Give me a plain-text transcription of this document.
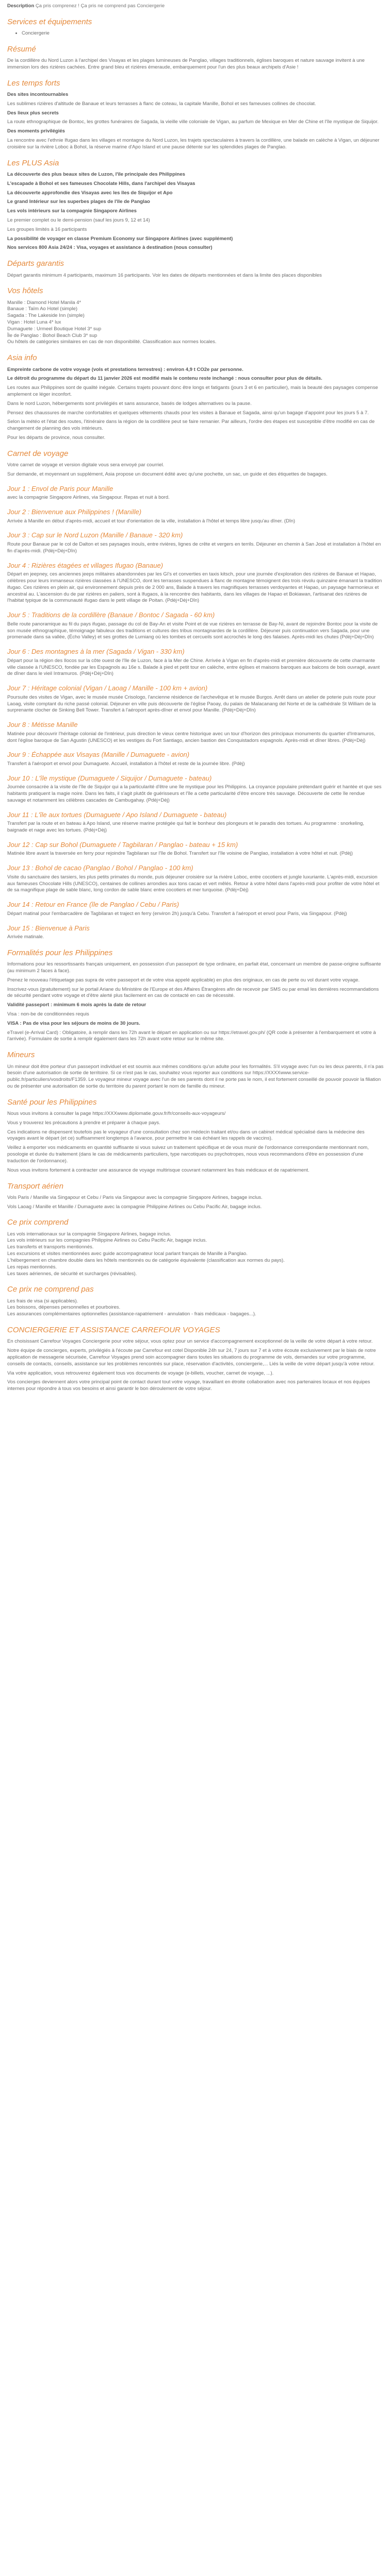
Description Ça pris comprenez ! Ça pris ne comprend pas Conciergerie
Services et équipements
• Conciergerie
Résumé

De la cordillère du Nord Luzon à l'archipel des Visayas et les plages lumineuses de Panglao, villages traditionnels, églises baroques et nature sauvage invitent à une immersion lors des rizières cachées. Entre grand bleu et rizières émeraude, embarquement pour l'un des plus beaux archipels d'Asie !

Les temps forts

Des sites incontournables

Les sublimes rizières d'altitude de Banaue et leurs terrasses à flanc de coteau, la capitale Manille, Bohol et ses fameuses collines de chocolat.

Des lieux plus secrets

La route ethnographique de Bontoc, les grottes funéraires de Sagada, la vieille ville coloniale de Vigan, au parfum de Mexique en Mer de Chine et l'île mystique de Siquijor.

Des moments privilégiés

La rencontre avec l'ethnie Ifugao dans les villages et montagne du Nord Luzon, les trajets spectaculaires à travers la cordillère, une balade en calèche à Vigan, un déjeuner croisière sur la rivière Loboc à Bohol, la réserve marine d'Apo Island et une pause détente sur les splendides plages de Panglao.

Les PLUS Asia

La découverte des plus beaux sites de Luzon, l'île principale des Philippines

L'escapade à Bohol et ses fameuses Chocolate Hills, dans l'archipel des Visayas

La découverte approfondie des Visayas avec les îles de Siquijor et Apo

Le grand Intérieur sur les superbes plages de l'île de Panglao

Les vols intérieurs sur la compagnie Singapore Airlines

Le premier complet ou le demi-pension (sauf les jours 9, 12 et 14)

Les groupes limités à 16 participants

La possibilité de voyager en classe Premium Economy sur Singapore Airlines (avec supplément)

Nos services 800 Asia 24/24 : Visa, voyages et assistance à destination (nous consulter)

Départs garantis

Départ garantis minimum 4 participants, maximum 16 participants. Voir les dates de départs mentionnées et dans la limite des places disponibles

Vos hôtels

Manille : Diamond Hotel Manila 4*

Banaue : Taïm Ao Hotel (simple)

Sagada : The Lakeside Inn (simple)

Vigan : Hotel Luna 4* lux

Dumaguete : Urmeel Boutique Hotel 3* sup

Île de Panglao : Bohol Beach Club 3* sup

Ou hôtels de catégories similaires en cas de non disponibilité. Classification aux normes locales.

Asia info

Empreinte carbone de votre voyage (vols et prestations terrestres) : environ 4,9 t CO2e par personne.

Le détroit du programme du départ du 11 janvier 2026 est modifié mais le contenu reste inchangé : nous consulter pour plus de détails.

Les routes aux Philippines sont de qualité inégale. Certains trajets pouvant donc être longs et fatigants (jours 3 et 6 en particulier), mais la beauté des paysages compense amplement ce léger inconfort.

Dans le nord Luzon, hébergements sont privilégiés et sans assurance, basés de lodges alternatives ou la pause.

Pensez des chaussures de marche confortables et quelques vêtements chauds pour les visites à Banaue et Sagada, ainsi qu'un bagage d'appoint pour les jours 5 à 7.

Selon la météo et l'état des routes, l'itinéraire dans la région de la cordillère peut se faire remanier. Par ailleurs, l'ordre des étapes est susceptible d'être modifié en cas de changement de planning des vols intérieurs.

Pour les départs de province, nous consulter.

Carnet de voyage

Votre carnet de voyage et version digitale vous sera envoyé par courriel.

Sur demande, et moyennant un supplément, Asia propose un document édité avec qu'une pochette, un sac, un guide et des étiquettes de bagages.

Jour 1 : Envol de Paris pour Manille

avec la compagnie Singapore Airlines, via Singapour. Repas et nuit à bord.

Jour 2 : Bienvenue aux Philippines ! (Manille)

Arrivée à Manille en début d'après-midi, accueil et tour d'orientation de la ville, installation à l'hôtel et temps libre jusqu'au dîner. (Dîn)

Jour 3 : Cap sur le Nord Luzon (Manille / Banaue - 320 km)

Route pour Banaue par le col de Dalton et ses paysages inouïs, entre rivières, lignes de crête et vergers en terrils. Déjeuner en chemin à San José et installation à l'hôtel en fin d'après-midi. (Pdèj+Dèj+Dîn)

Jour 4 : Rizières étagées et villages Ifugao (Banaue)

Départ en jeepney, ces anciennes jeeps militaires abandonnées par les GI's et converties en taxis kitsch, pour une journée d'exploration des rizières de Banaue et Hapao, célèbres pour leurs inmanseux rizières classées à l'UNESCO, dont les terrasses suspendues à flanc de montagne témoignent des trois révolu quinzaine émanant la tradition ifugao. Ces rizières en plein air, qui environnement depuis près de 2 000 ans, Balade à travers les magnifiques terrasses verdoyantes et Hapao, un paysage harmonieux et ancestral au. L'ascension du de par rizières en paliers, sont à Ifugaos, à la rencontre des habitants, dans les villages de Hapao et Bokiawan, l'artisanat des rizières de l'habitat typique de la communauté ifugao dans le petit village de Poitan. (Pdèj+Dèj+Dîn)

Jour 5 : Traditions de la cordillère (Banaue / Bontoc / Sagada - 60 km)

Belle route panoramique au fil du pays ifugao, passage du col de Bay-An et visite Point et de vue rizières en terrasse de Bay-Ni, avant de rejoindre Bontoc pour la visite de son musée ethnographique, témoignage fabuleux des traditions et cultures des tribus montagnardes de la cordillère. Déjeuner puis continuation vers Sagada, pour une promenade dans sa vallée, (Écho Valley) et ses grottes de Lumiang où les tombes et cercueils sont accrochés le long des falaises. Après-midi les chutes (Pdèj+Dèj+Dîn)

Jour 6 : Des montagnes à la mer (Sagada / Vigan - 330 km)

Départ pour la région des Ilocos sur la côte ouest de l'île de Luzon, face à la Mer de Chine. Arrivée à Vigan en fin d'après-midi et première découverte de cette charmante ville classée à l'UNESCO, fondée par les Espagnols au 16e s. Balade à pied et petit tour en calèche, entre églises et maisons baroques aux balcons de bois ouvragé, avant de dîner dans le vieil Intramuros. (Pdèj+Dèj+Dîn)

Jour 7 : Héritage colonial (Vigan / Laoag / Manille - 100 km + avion)

Poursuite des visites de Vigan, avec le musée musée Crisologo, l'ancienne résidence de l'archevêque et le musée Burgos. Arrêt dans un atelier de poterie puis route pour Laoag, visite comptant du riche passé colonial. Déjeuner en ville puis découverte de l'église Paoay, du palais de Malacanang del Norte et de la cathédrale St William de la surprenante clocher de Sinking Bell Tower. Transfert à l'aéroport après-dîner et envol pour Manille. (Pdèj+Dèj+Dîn)

Jour 8 : Métisse Manille

Matinée pour découvrir l'héritage colonial de l'intérieur, puis direction le vieux centre historique avec un tour d'horizon des principaux monuments du quartier d'Intramuros, dont l'église baroque de San Agustin (UNESCO) et les vestiges du Fort Santiago, ancien bastion des Conquistadors espagnols. Après-midi et dîner libres. (Pdèj+Dèj)

Jour 9 : Échappée aux Visayas (Manille / Dumaguete - avion)

Transfert à l'aéroport et envol pour Dumaguete. Accueil, installation à l'hôtel et reste de la journée libre. (Pdèj)

Jour 10 : L'île mystique (Dumaguete / Siquijor / Dumaguete - bateau)

Journée consacrée à la visite de l'île de Siquijor qui a la particularité d'être une île mystique pour les Philippins. La croyance populaire prétendant guérir et hantée et que ses habitants pratiquent la magie noire. Dans les faits, il s'agit plutôt de guérisseurs et l'île a cette particularité d'être encore très sauvage. Découverte de cette île rendue sauvage et notamment les célèbres cascades de Cambugahay. (Pdèj+Dèj)

Jour 11 : L'île aux tortues (Dumaguete / Apo Island / Dumaguete - bateau)

Transfert par la route et en bateau à Apo Island, une réserve marine protégée qui fait le bonheur des plongeurs et le paradis des tortues. Au programme : snorkeling, baignade et nage avec les tortues. (Pdèj+Dèj)

Jour 12 : Cap sur Bohol (Dumaguete / Tagbilaran / Panglao - bateau + 15 km)

Matinée libre avant la traversée en ferry pour rejoindre Tagbilaran sur l'île de Bohol. Transfert sur l'île voisine de Panglao, installation à votre hôtel et nuit. (Pdèj)

Jour 13 : Bohol de cacao (Panglao / Bohol / Panglao - 100 km)

Visite du sanctuaire des tarsiers, les plus petits primates du monde, puis déjeuner croisière sur la rivière Loboc, entre cocotiers et jungle luxuriante. L'après-midi, excursion aux fameuses Chocolate Hills (UNESCO), centaines de collines arrondies aux tons cacao et vert mêlés. Retour à votre hôtel dans l'après-midi pour profiter de votre hôtel et de sa magnifique plage de sable blanc, long cordon de sable blanc entre cocotiers et mer turquoise. (Pdèj+Dèj)

Jour 14 : Retour en France (île de Panglao / Cebu / Paris)

Départ matinal pour l'embarcadère de Tagbilaran et traject en ferry (environ 2h) jusqu'à Cebu. Transfert à l'aéroport et envol pour Paris, via Singapour. (Pdèj)

Jour 15 : Bienvenue à Paris

Arrivée matinale.

Formalités pour les Philippines

Informations pour les ressortissants français uniquement, en possession d'un passeport de type ordinaire, en parfait état, concernant un membre de passe-origine suffisante (au minimum 2 faces à face).

Prenez le nouveau l'étiquetage pas supra de votre passeport et de votre visa appelé applicable) en plus des originaux, en cas de perte ou vol durant votre voyage.

Inscrivez-vous (gratuitement) sur le portail Ariane du Ministère de l'Europe et des Affaires Étrangères afin de recevoir par SMS ou par email les dernières recommandations de sécurité pendant votre voyage et d'être alerté plus facilement en cas de contacté en cas de nécessité.

Validité passeport : minimum 6 mois après la date de retour

Visa : non-be de conditionnées requis

VISA : Pas de visa pour les séjours de moins de 30 jours.

eTravel (e-Arrival Card) : Obligatoire, à remplir dans les 72h avant le départ en application ou sur https://etravel.gov.ph/ (QR code à présenter à l'embarquement et votre à l'arrivée). Formulaire de sortie à remplir également dans les 72h avant votre retour sur le même site.

Mineurs

Un mineur doit être porteur d'un passeport individuel et est soumis aux mêmes conditions qu'un adulte pour les formalités. S'il voyage avec l'un ou les deux parents, il n'a pas besoin d'une autorisation de sortie de territoire. Si ce n'est pas le cas, souhaitez vous reporter aux conditions sur https://XXXXwww.service-public.fr/particuliers/vosdroits/F1359. Le voyageur mineur voyage avec l'un de ses parents dont il ne porte pas le nom, il est fortement conseillé de pouvoir pouvoir la filiation ou de présenter une autorisation de sortie du territoire du parent portant le nom de famille du mineur.

Santé pour les Philippines

Nous vous invitons à consulter la page https://XXXwww.diplomatie.gouv.fr/fr/conseils-aux-voyageurs/

Vous y trouverez les précautions à prendre et préparer à chaque pays.

Ces indications ne dispensent toutefois pas le voyageur d'une consultation chez son médecin traitant et/ou dans un cabinet médical spécialisé dans la médecine des voyages avant le départ (et ce) suffisamment longtemps à l'avance, pour permettre le cas échéant les rappels de vaccins).

Veillez à emporter vos médicaments en quantité suffisante si vous suivez un traitement spécifique et de vous munir de l'ordonnance correspondante mentionnant nom, posologie et durée du traitement (dans le cas de médicaments particuliers, type narcotiques ou psychotropes, nous vous recommandons d'être en possession d'une traduction de l'ordonnance).

Nous vous invitons fortement à contracter une assurance de voyage multirisque couvrant notamment les frais médicaux et de rapatriement.

Transport aérien

Vols Paris / Manille via Singapour et Cebu / Paris via Singapour avec la compagnie Singapore Airlines, bagage inclus.

Vols Laoag / Manille et Manille / Dumaguete avec la compagnie Philippine Airlines ou Cebu Pacific Air, bagage inclus.

Ce prix comprend

Les vols internationaux sur la compagnie Singapore Airlines, bagage inclus.

Les vols intérieurs sur les compagnies Philippine Airlines ou Cebu Pacific Air, bagage inclus.

Les transferts et transports mentionnés.

Les excursions et visites mentionnées avec guide accompagnateur local parlant français de Manille à Panglao.

L'hébergement en chambre double dans les hôtels mentionnés ou de catégorie équivalente (classification aux normes du pays).

Les repas mentionnés.

Les taxes aériennes, de sécurité et surcharges (révisables).

Ce prix ne comprend pas

Les frais de visa (si applicables).

Les boissons, dépenses personnelles et pourboires.

Les assurances complémentaires optionnelles (assistance-rapatriement - annulation - frais médicaux - bagages...).

CONCIERGERIE ET ASSISTANCE CARREFOUR VOYAGES

En choisissant Carrefour Voyages Conciergerie pour votre séjour, vous optez pour un service d'accompagnement exceptionnel de la veille de votre départ à votre retour.

Notre équipe de concierges, experts, privilégiés à l'écoute par Carrefour est cotel Disponible 24h sur 24, 7 jours sur 7 et à votre écoute exclusivement par le biais de notre application de messagerie sécurisée, Carrefour Voyages prend soin accompagner dans toutes les situations du programme de vols, demandes sur votre programme, conseils de contacts, conseils, assistance sur les problèmes rencontrés sur place, réservation d'activités, conciergerie,... Liés la veille de votre départ jusqu'à votre retour.

Via votre application, vous retrouverez également tous vos documents de voyage (e-billets, voucher, carnet de voyage, ...).

Vos concierges deviennent alors votre principal point de contact durant tout votre voyage, travaillant en étroite collaboration avec nos partenaires locaux et nos équipes internes pour répondre à tous vos besoins et ainsi garantir le bon déroulement de votre séjour.
